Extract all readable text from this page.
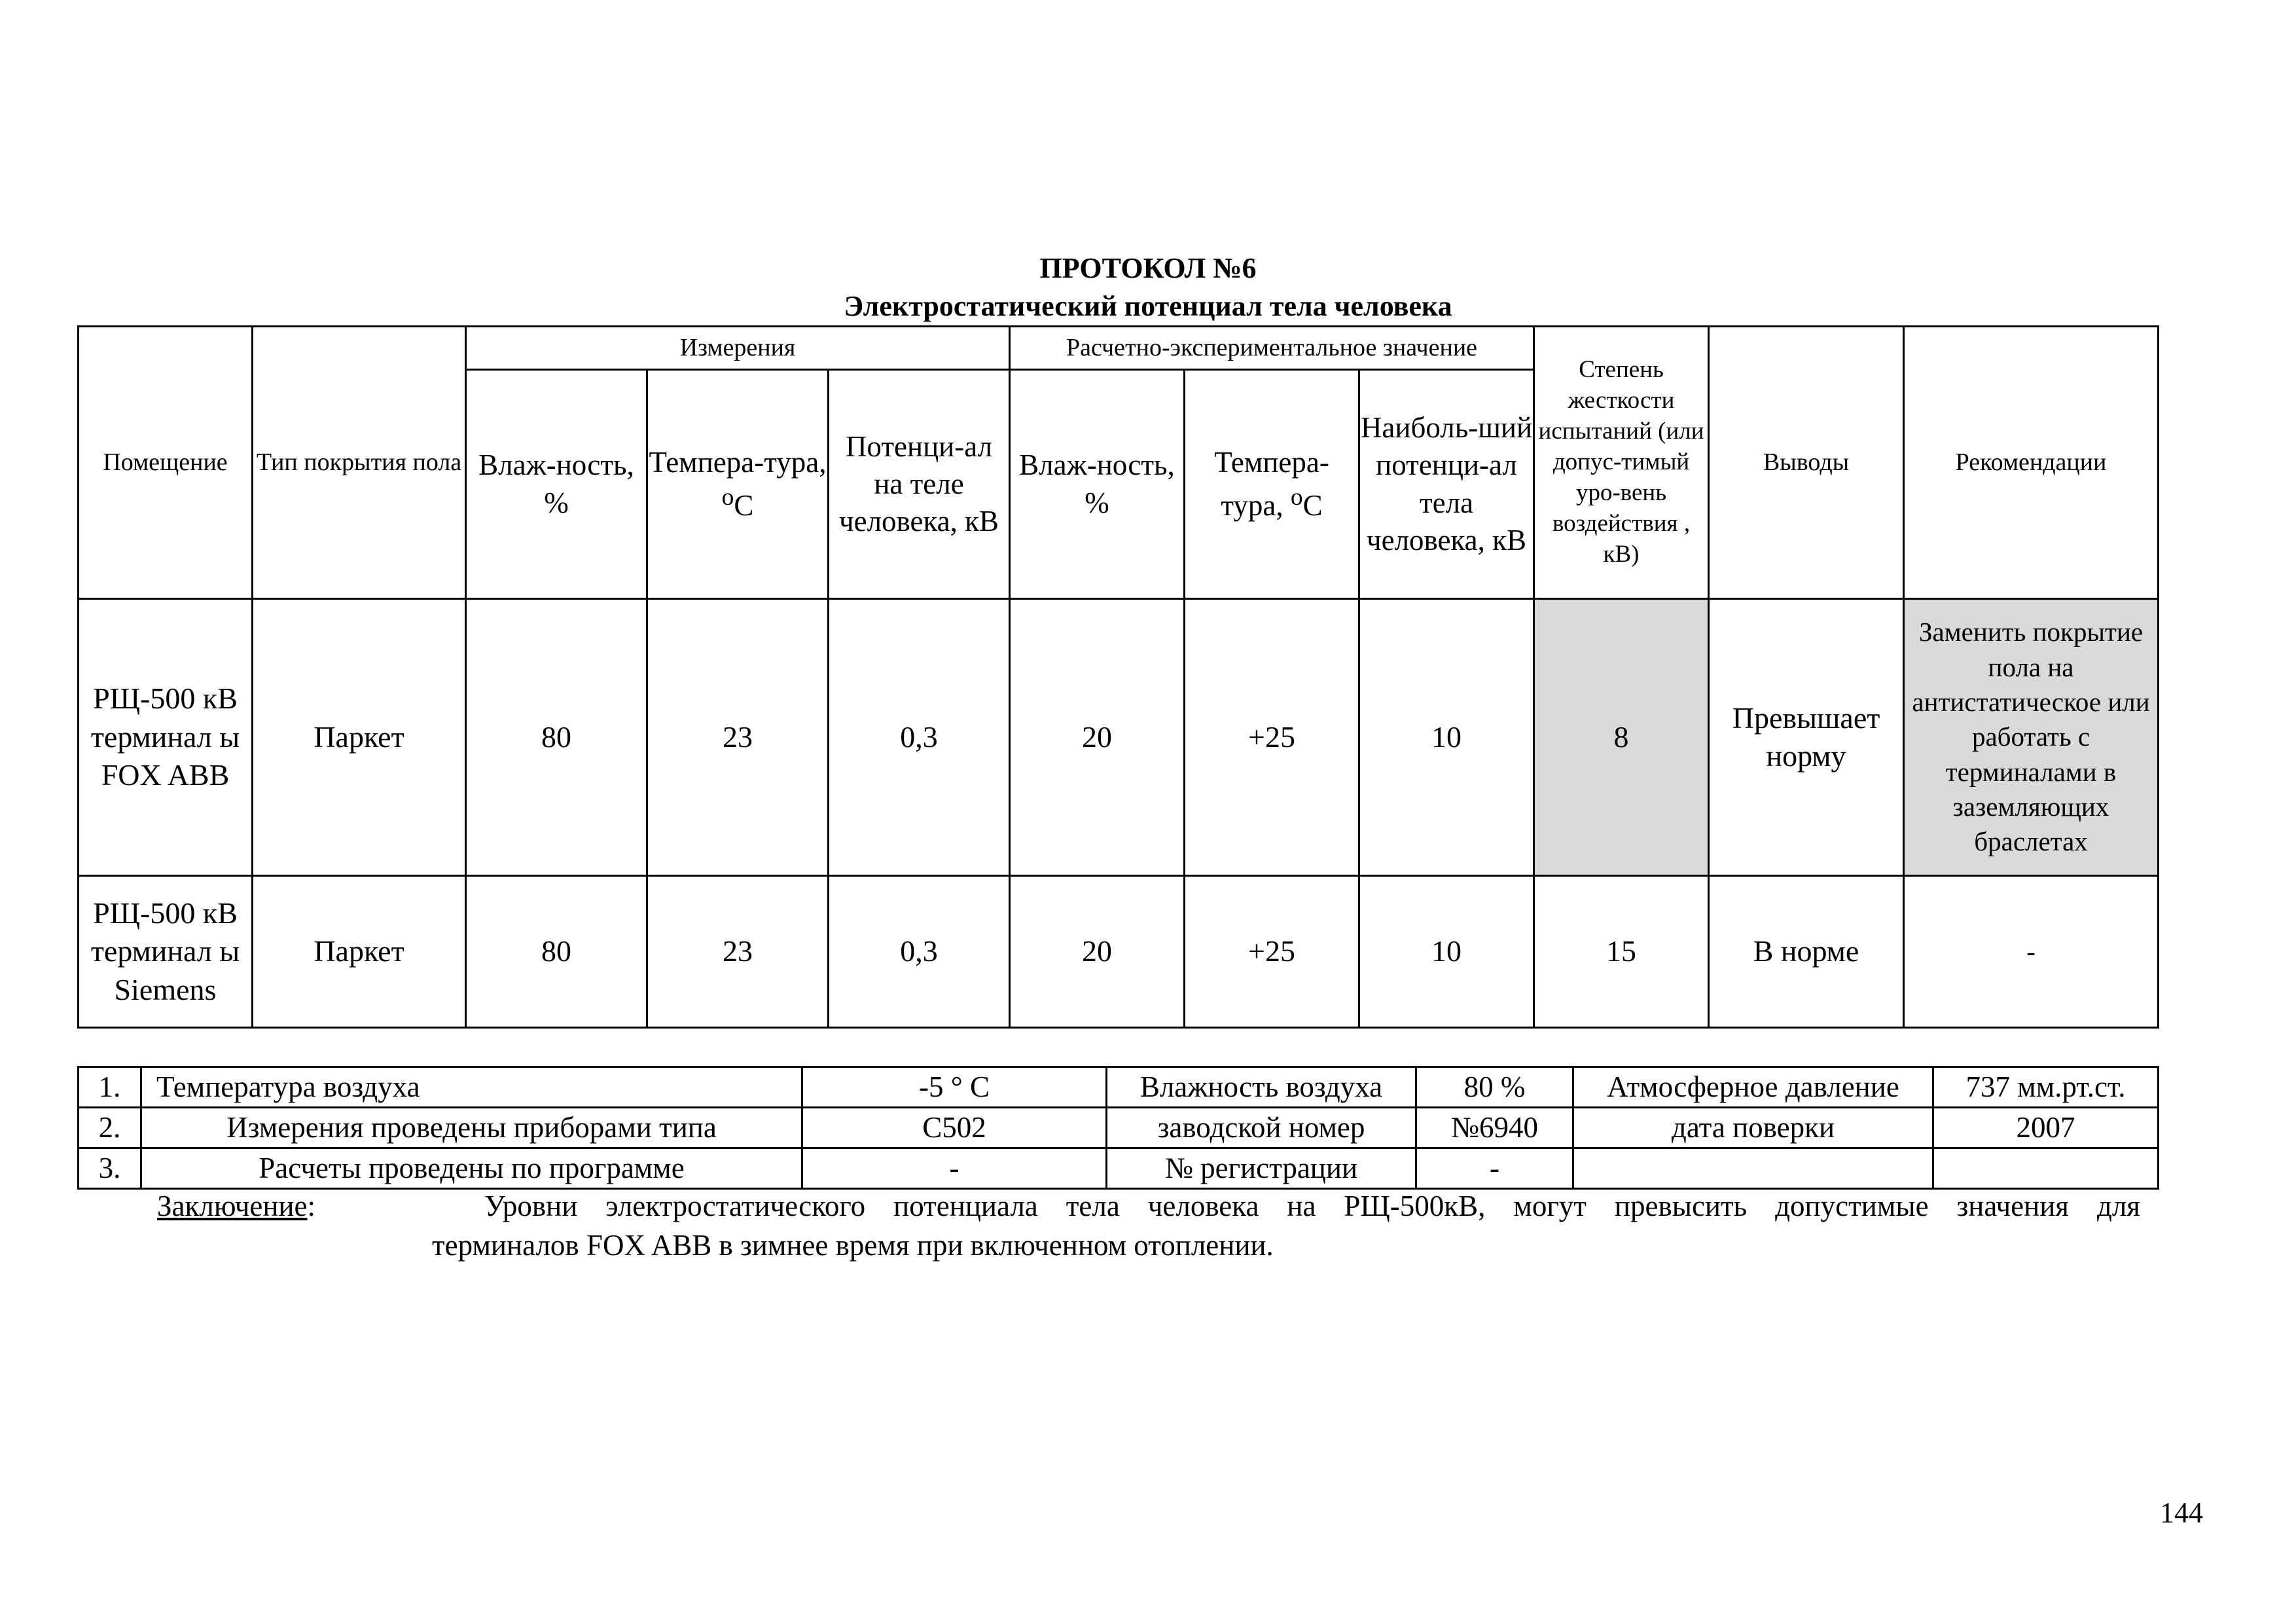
ПРОТОКОЛ №6
Электростатический потенциал тела человека
Помещение	Тип покрытия пола	Измерения			Расчетно-экспериментальное значение			Степень жесткости испытаний (или допус-тимый уро-вень воздействия , кВ)	Выводы	Рекомендации
		Влаж-ность, %	Темпера-тура, $^o$C	Потенци-ал на теле человека, кВ	Влаж-ность, %	Темпера-тура, $^o$C	Наиболь-ший потенци-ал тела человека, кВ			
РЩ-500 кВ терминал ы FOX ABB	Паркет	80	23	0,3	20	+25	10	8	Превышает норму	Заменить покрытие пола на антистатическое или работать с терминалами в заземляющих браслетах
РЩ-500 кВ терминал ы Siemens	Паркет	80	23	0,3	20	+25	10	15	В норме	-
1.	Температура воздуха	-5 ° C	Влажность воздуха	80 %	Атмосферное давление	737 мм.рт.ст.
2.	Измерения проведены приборами типа	С502	заводской номер	№6940	дата поверки	2007
3.	Расчеты проведены по программе	-	№ регистрации	-		
Заключение:	Уровни электростатического потенциала тела человека на РЩ-500кВ, могут превысить допустимые значения для
терминалов FOX ABB в зимнее время при включенном отоплении.
144
